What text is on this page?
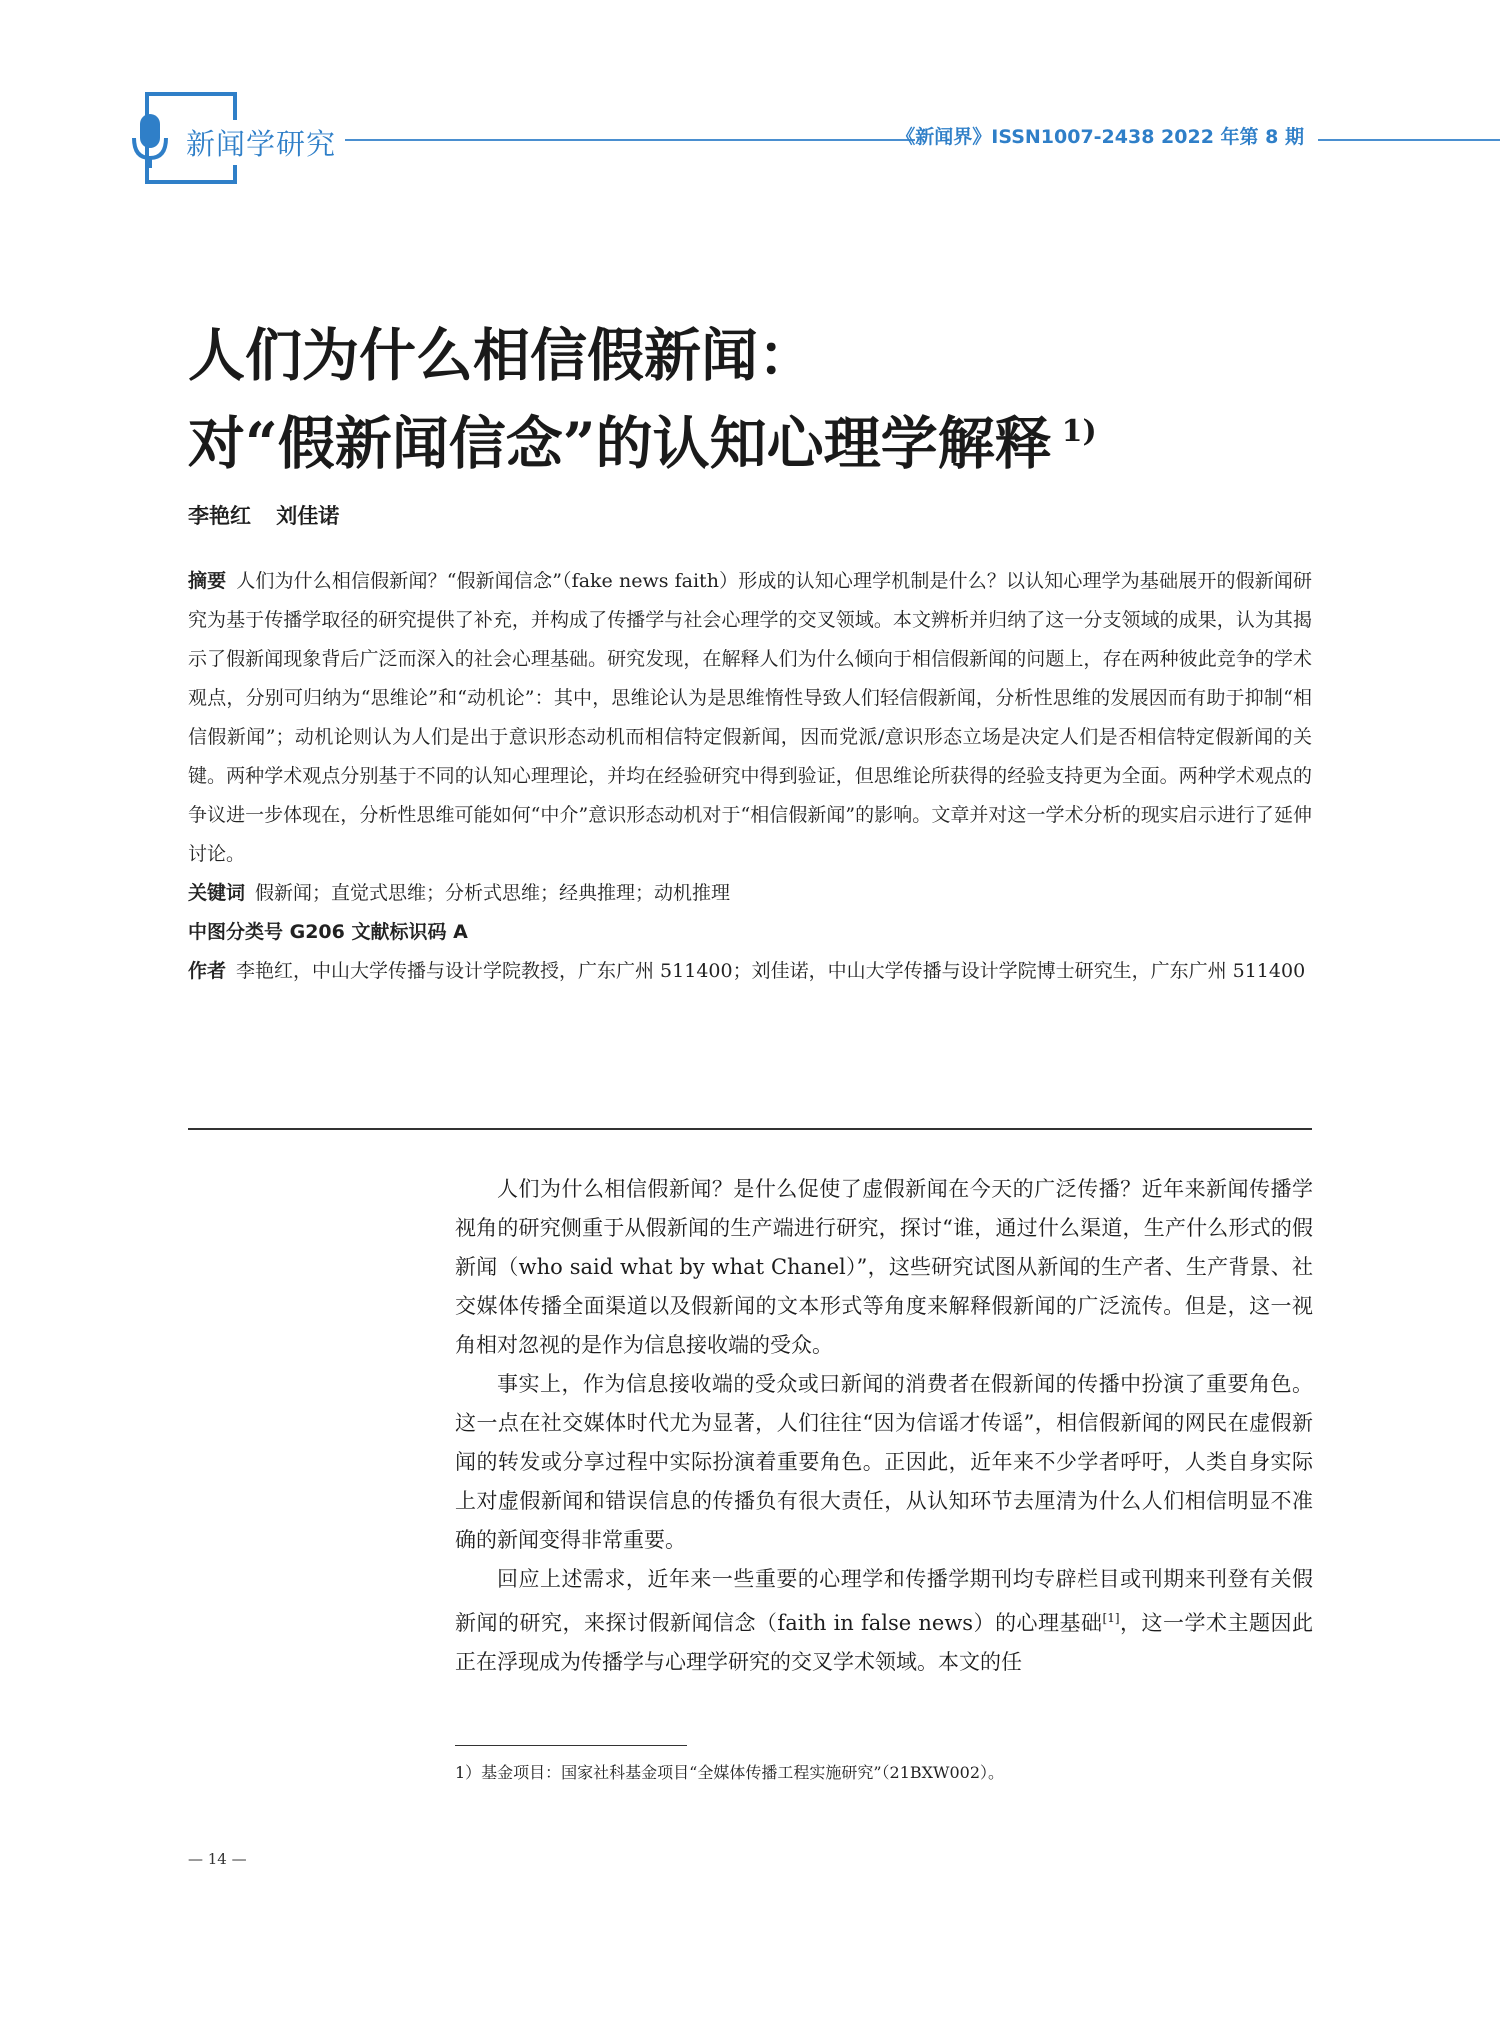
新闻学研究	《新闻界》ISSN1007-2438 2022 年第 8 期
人们为什么相信假新闻：
对“假新闻信念”的认知心理学解释 $^{1)}$
李艳红 刘佳诺

摘要 人们为什么相信假新闻？“假新闻信念”（fake news faith）形成的认知心理学机制是什么？以认知心理学为基础展开的假新闻研究为基于传播学取径的研究提供了补充，并构成了传播学与社会心理学的交叉领域。本文辨析并归纳了这一分支领域的成果，认为其揭示了假新闻现象背后广泛而深入的社会心理基础。研究发现，在解释人们为什么倾向于相信假新闻的问题上，存在两种彼此竞争的学术观点，分别可归纳为“思维论”和“动机论”：其中，思维论认为是思维惰性导致人们轻信假新闻，分析性思维的发展因而有助于抑制“相信假新闻”；动机论则认为人们是出于意识形态动机而相信特定假新闻，因而党派/意识形态立场是决定人们是否相信特定假新闻的关键。两种学术观点分别基于不同的认知心理理论，并均在经验研究中得到验证，但思维论所获得的经验支持更为全面。两种学术观点的争议进一步体现在，分析性思维可能如何“中介”意识形态动机对于“相信假新闻”的影响。文章并对这一学术分析的现实启示进行了延伸讨论。

关键词 假新闻；直觉式思维；分析式思维；经典推理；动机推理

中图分类号 G206 文献标识码 A

作者 李艳红，中山大学传播与设计学院教授，广东广州 511400；刘佳诺，中山大学传播与设计学院博士研究生，广东广州 511400

人们为什么相信假新闻？是什么促使了虚假新闻在今天的广泛传播？近年来新闻传播学视角的研究侧重于从假新闻的生产端进行研究，探讨“谁，通过什么渠道，生产什么形式的假新闻（who said what by what Chanel）”，这些研究试图从新闻的生产者、生产背景、社交媒体传播全面渠道以及假新闻的文本形式等角度来解释假新闻的广泛流传。但是，这一视角相对忽视的是作为信息接收端的受众。

事实上，作为信息接收端的受众或曰新闻的消费者在假新闻的传播中扮演了重要角色。这一点在社交媒体时代尤为显著，人们往往“因为信谣才传谣”，相信假新闻的网民在虚假新闻的转发或分享过程中实际扮演着重要角色。正因此，近年来不少学者呼吁，人类自身实际上对虚假新闻和错误信息的传播负有很大责任，从认知环节去厘清为什么人们相信明显不准确的新闻变得非常重要。

回应上述需求，近年来一些重要的心理学和传播学期刊均专辟栏目或刊期来刊登有关假新闻的研究，来探讨假新闻信念（faith in false news）的心理基础[1]，这一学术主题因此正在浮现成为传播学与心理学研究的交叉学术领域。本文的任

1）基金项目：国家社科基金项目“全媒体传播工程实施研究”（21BXW002）。
— 14 —
